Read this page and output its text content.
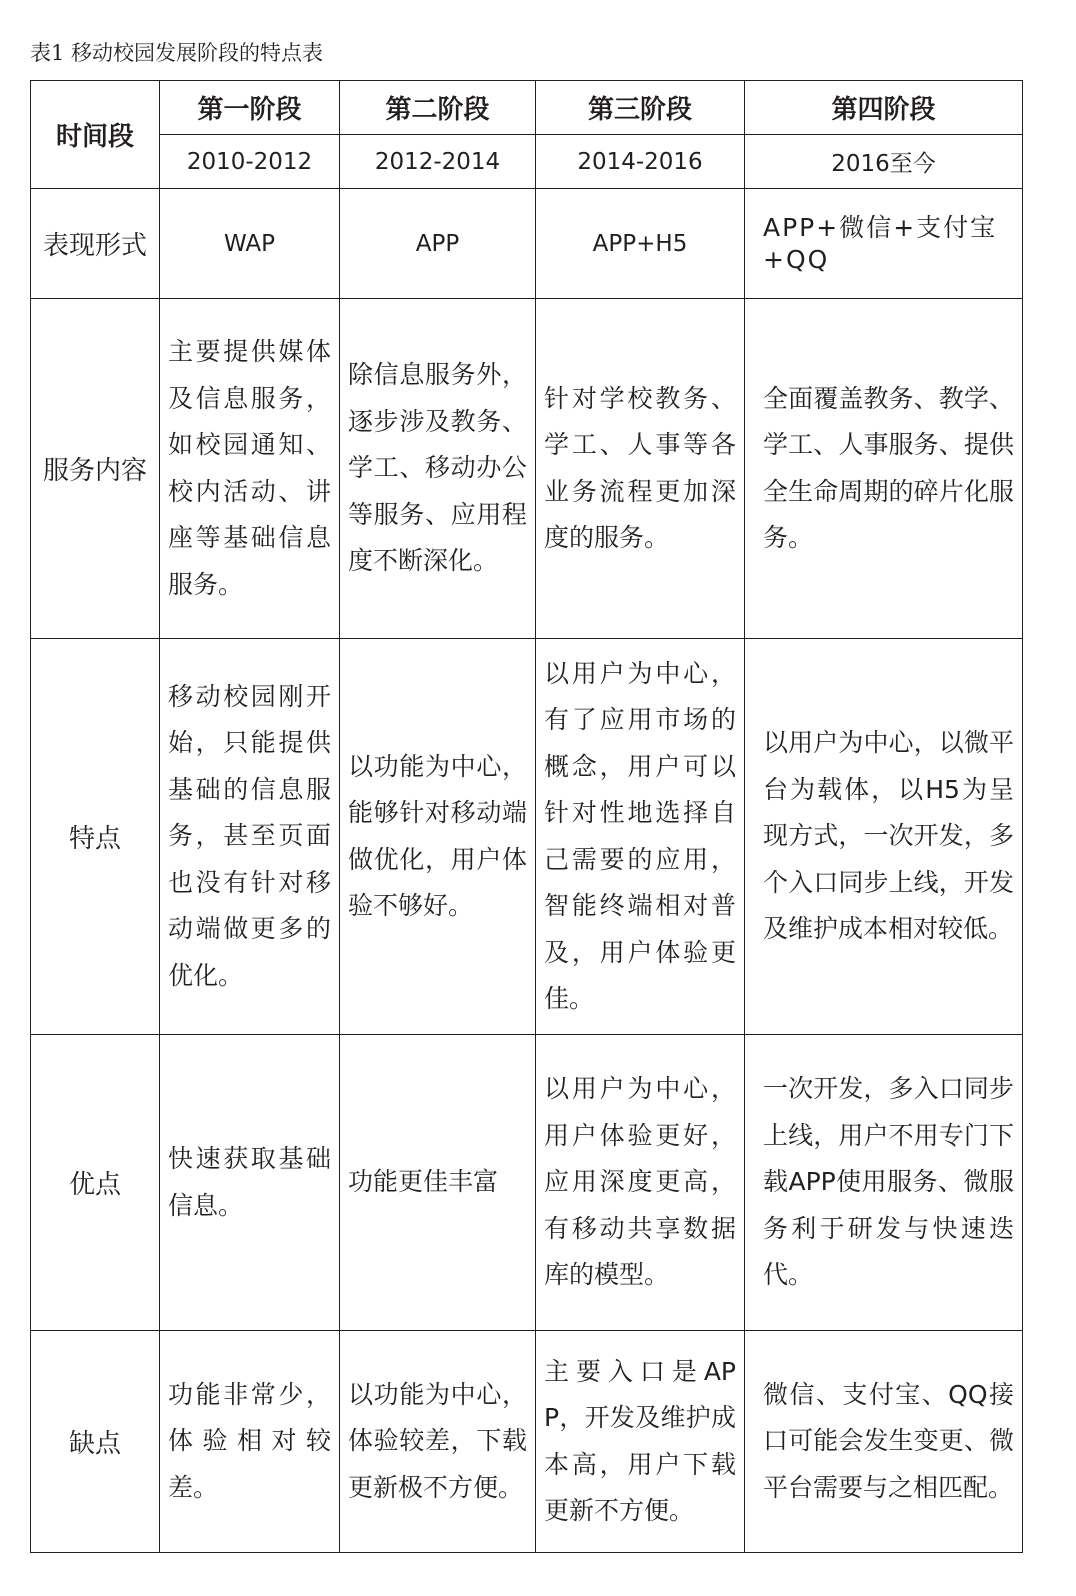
表1 移动校园发展阶段的特点表
时间段	第一阶段	第二阶段	第三阶段	第四阶段
	2010-2012	2012-2014	2014-2016	2016至今
表现形式	WAP	APP	APP+H5	APP+微信+支付宝+QQ
服务内容	主要提供媒体及信息服务，如校园通知、校内活动、讲座等基础信息服务。	除信息服务外，逐步涉及教务、学工、移动办公等服务、应用程度不断深化。	针对学校教务、学工、人事等各业务流程更加深度的服务。	全面覆盖教务、教学、学工、人事服务、提供全生命周期的碎片化服务。
特点	移动校园刚开始，只能提供基础的信息服务，甚至页面也没有针对移动端做更多的优化。	以功能为中心，能够针对移动端做优化，用户体验不够好。	以用户为中心，有了应用市场的概念，用户可以针对性地选择自己需要的应用，智能终端相对普及，用户体验更佳。	以用户为中心，以微平台为载体，以H5为呈现方式，一次开发，多个入口同步上线，开发及维护成本相对较低。
优点	快速获取基础信息。	功能更佳丰富	以用户为中心，用户体验更好，应用深度更高，有移动共享数据库的模型。	一次开发，多入口同步上线，用户不用专门下载APP使用服务、微服务利于研发与快速迭代。
缺点	功能非常少，体验相对较差。	以功能为中心，体验较差，下载更新极不方便。	主要入口是APP，开发及维护成本高，用户下载更新不方便。	微信、支付宝、QQ接口可能会发生变更、微平台需要与之相匹配。
